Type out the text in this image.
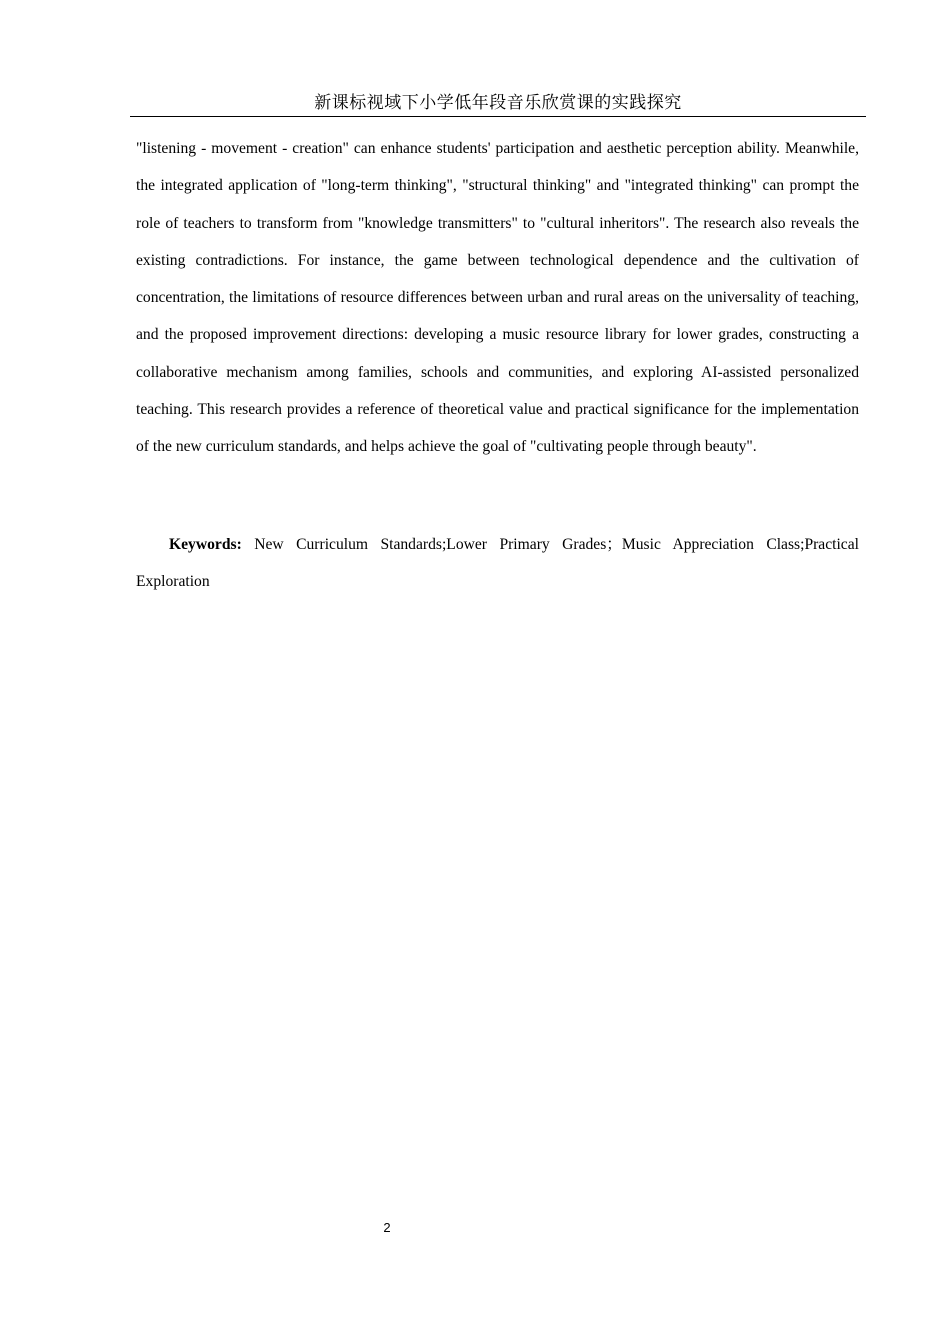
新课标视域下小学低年段音乐欣赏课的实践探究

"listening - movement - creation" can enhance students' participation and aesthetic perception ability. Meanwhile, the integrated application of "long-term thinking", "structural thinking" and "integrated thinking" can prompt the role of teachers to transform from "knowledge transmitters" to "cultural inheritors". The research also reveals the existing contradictions. For instance, the game between technological dependence and the cultivation of concentration, the limitations of resource differences between urban and rural areas on the universality of teaching, and the proposed improvement directions: developing a music resource library for lower grades, constructing a collaborative mechanism among families, schools and communities, and exploring AI-assisted personalized teaching. This research provides a reference of theoretical value and practical significance for the implementation of the new curriculum standards, and helps achieve the goal of "cultivating people through beauty".

Keywords: New Curriculum Standards;Lower Primary Grades；Music Appreciation Class;Practical Exploration

2
